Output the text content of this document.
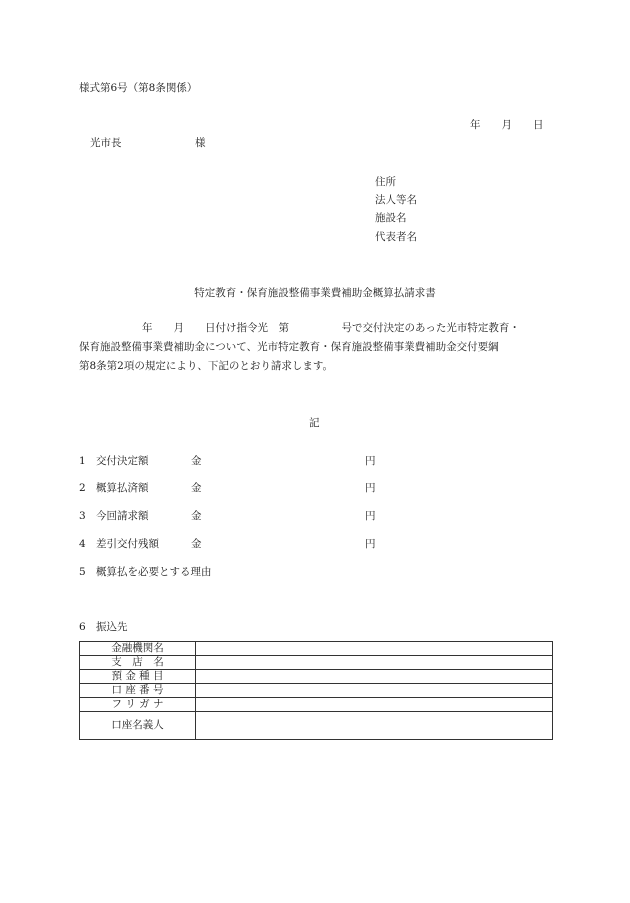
様式第6号（第8条関係）
年　　月　　日
光市長　　　　　　　様
住所
法人等名
施設名
代表者名
特定教育・保育施設整備事業費補助金概算払請求書
　　　　　　年　　月　　日付け指令光　第　　　　　号で交付決定のあった光市特定教育・
保育施設整備事業費補助金について、光市特定教育・保育施設整備事業費補助金交付要綱
第8条第2項の規定により、下記のとおり請求します。
記
1 交付決定額	金	円
2 概算払済額	金	円
3 今回請求額	金	円
4 差引交付残額	金	円
5 概算払を必要とする理由
6 振込先
金融機関名	
支　店　名	
預 金 種 目	
口 座 番 号	
フ リ ガ ナ	
口座名義人	
